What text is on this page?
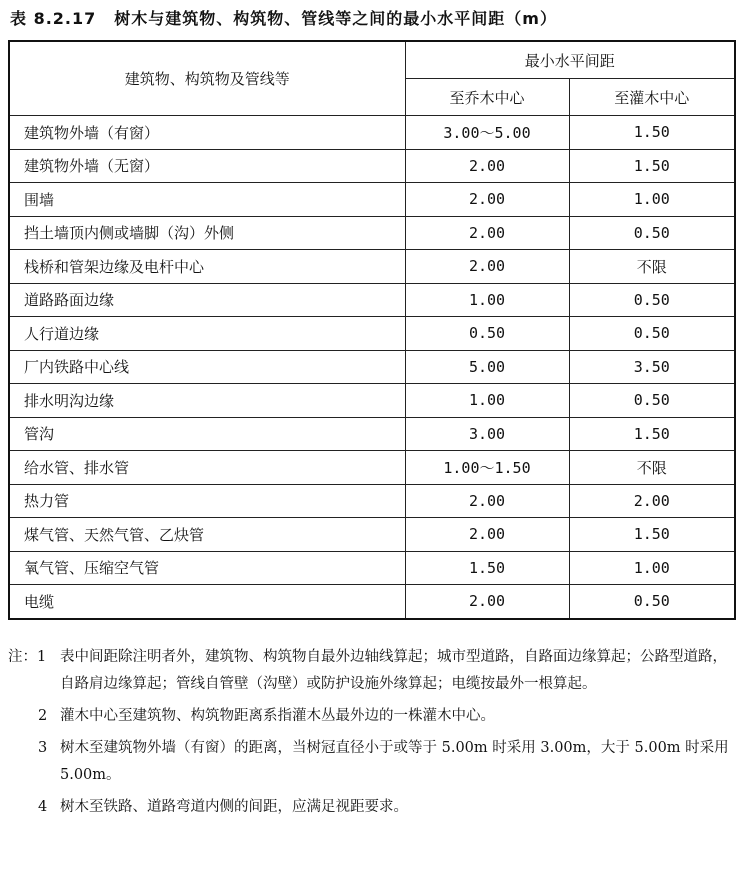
表 8.2.17 树木与建筑物、构筑物、管线等之间的最小水平间距（m）
建筑物、构筑物及管线等	最小水平间距	
	至乔木中心	至灌木中心
建筑物外墙（有窗）	3.00～5.00	1.50
建筑物外墙（无窗）	2.00	1.50
围墙	2.00	1.00
挡土墙顶内侧或墙脚（沟）外侧	2.00	0.50
栈桥和管架边缘及电杆中心	2.00	不限
道路路面边缘	1.00	0.50
人行道边缘	0.50	0.50
厂内铁路中心线	5.00	3.50
排水明沟边缘	1.00	0.50
管沟	3.00	1.50
给水管、排水管	1.00～1.50	不限
热力管	2.00	2.00
煤气管、天然气管、乙炔管	2.00	1.50
氧气管、压缩空气管	1.50	1.00
电缆	2.00	0.50
注：1 表中间距除注明者外，建筑物、构筑物自最外边轴线算起；城市型道路，自路面边缘算起；公路型道路，自路肩边缘算起；管线自管壁（沟壁）或防护设施外缘算起；电缆按最外一根算起。
2 灌木中心至建筑物、构筑物距离系指灌木丛最外边的一株灌木中心。
3 树木至建筑物外墙（有窗）的距离，当树冠直径小于或等于 5.00m 时采用 3.00m，大于 5.00m 时采用 5.00m。
4 树木至铁路、道路弯道内侧的间距，应满足视距要求。
